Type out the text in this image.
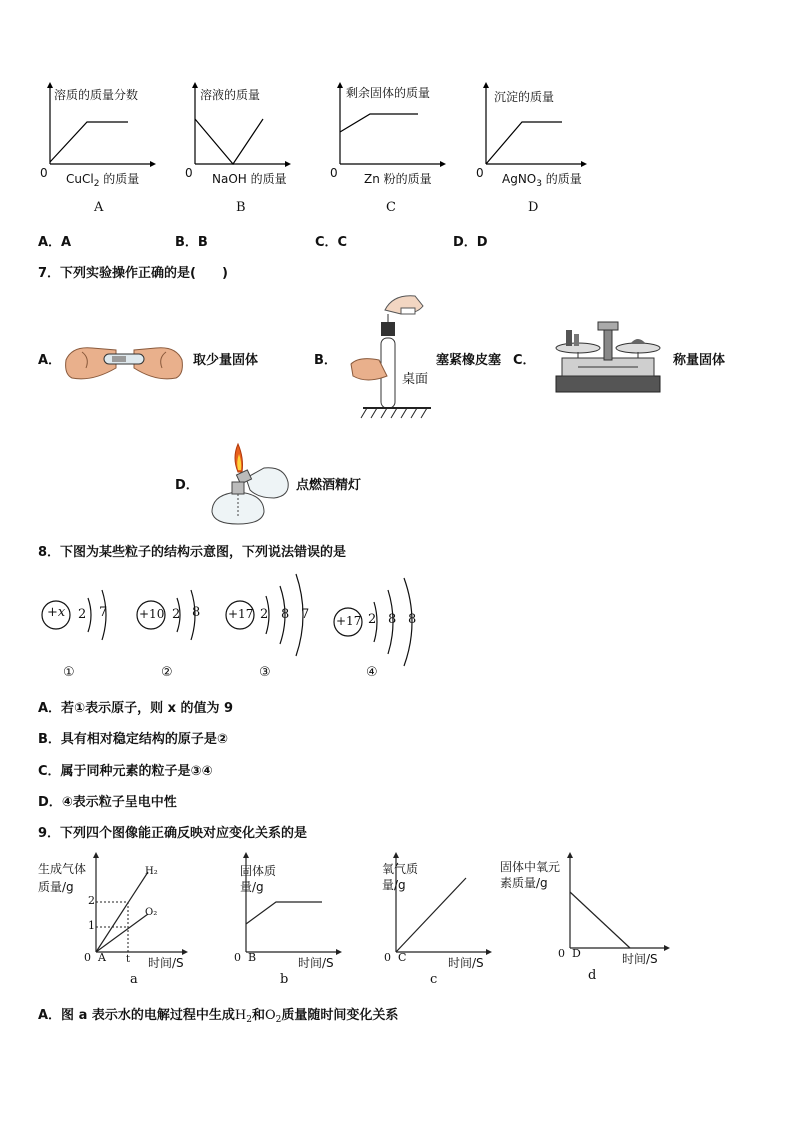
溶质的质量分数
0 CuCl$_2$ 的质量
A
溶液的质量
0 NaOH 的质量
B
剩余固体的质量
0 Zn 粉的质量
C
沉淀的质量
0 AgNO$_3$ 的质量
D
A．A	B．B	C．C	D．D
7．下列实验操作正确的是(　　)
A．	取少量固体	B．
桌面
塞紧橡皮塞 C．	称量固体
D．	点燃酒精灯
8．下图为某些粒子的结构示意图，下列说法错误的是
+x 2 7
①
+10 2 8
②
+17 2 8 7
③
+17 2 8 8
④
A．若①表示原子，则 x 的值为 9
B．具有相对稳定结构的原子是②
C．属于同种元素的粒子是③④
D．④表示粒子呈电中性
9．下列四个图像能正确反映对应变化关系的是
生成气体
质量/g
H₂
O₂
2
1
0 A t 时间/S
a
固体质
量/g
0 B	时间/S
b
氧气质
量/g
0 C	时间/S
c
固体中氧元
素质量/g
0 D	时间/S
d
A．图 a 表示水的电解过程中生成$H_2$和$O_2$质量随时间变化关系
